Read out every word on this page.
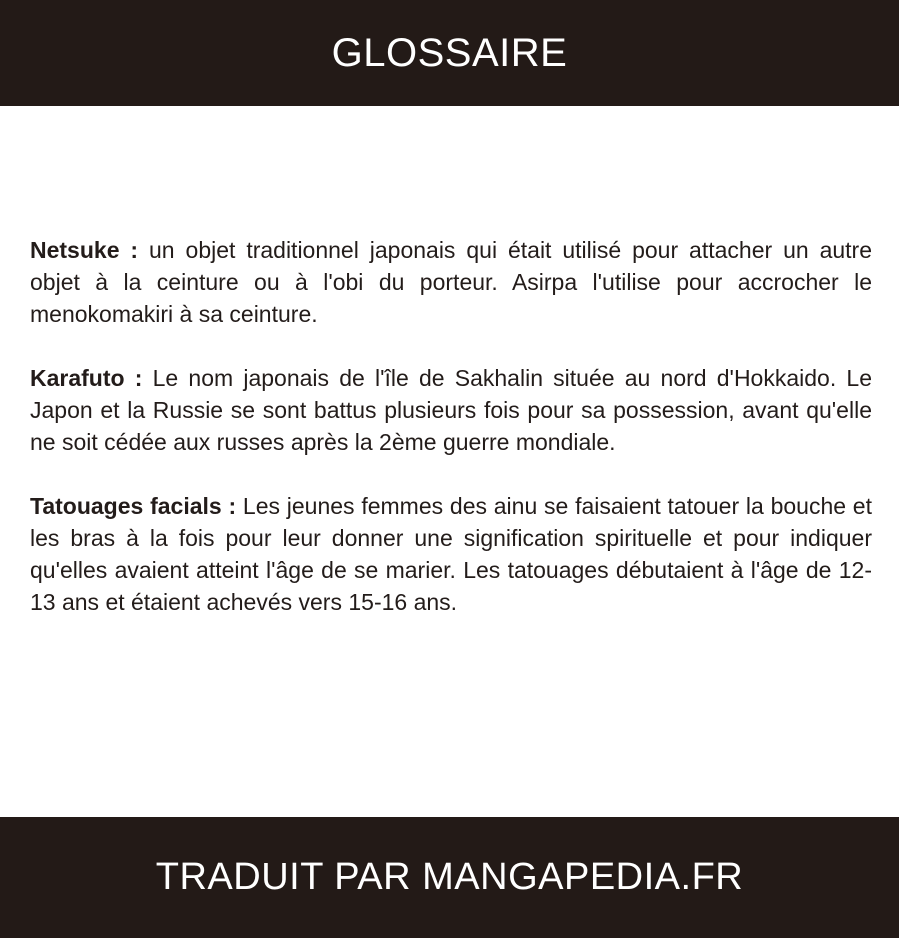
GLOSSAIRE

Netsuke : un objet traditionnel japonais qui était utilisé pour attacher un autre objet à la ceinture ou à l'obi du porteur. Asirpa l'utilise pour accrocher le menokomakiri à sa ceinture.

Karafuto : Le nom japonais de l'île de Sakhalin située au nord d'Hokkaido. Le Japon et la Russie se sont battus plusieurs fois pour sa possession, avant qu'elle ne soit cédée aux russes après la 2ème guerre mondiale.

Tatouages facials : Les jeunes femmes des ainu se faisaient tatouer la bouche et les bras à la fois pour leur donner une signification spirituelle et pour indiquer qu'elles avaient atteint l'âge de se marier. Les tatouages débutaient à l'âge de 12-13 ans et étaient achevés vers 15-16 ans.

TRADUIT PAR MANGAPEDIA.FR
